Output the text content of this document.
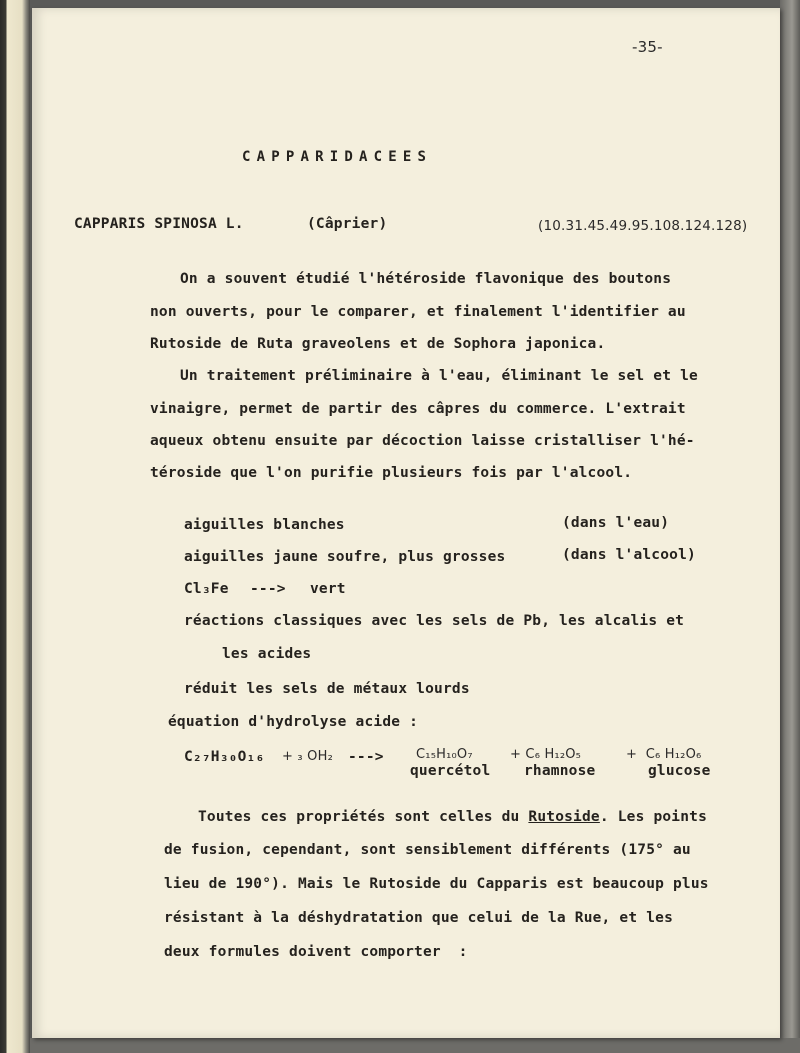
-35-
CAPPARIDACEES
CAPPARIS SPINOSA L.	(Câprier)	(10.31.45.49.95.108.124.128)
On a souvent étudié l'hétéroside flavonique des boutons
non ouverts, pour le comparer, et finalement l'identifier au
Rutoside de Ruta graveolens et de Sophora japonica.
Un traitement préliminaire à l'eau, éliminant le sel et le
vinaigre, permet de partir des câpres du commerce. L'extrait
aqueux obtenu ensuite par décoction laisse cristalliser l'hé-
téroside que l'on purifie plusieurs fois par l'alcool.
aiguilles blanches	(dans l'eau)
aiguilles jaune soufre, plus grosses	(dans l'alcool)
Cl₃Fe ---> vert
réactions classiques avec les sels de Pb, les alcalis et
les acides
réduit les sels de métaux lourds
équation d'hydrolyse acide :
C₂₇H₃₀O₁₆ + ₃ OH₂ ---> C₁₅H₁₀O₇
quercétol
+ C₆ H₁₂O₅
rhamnose
+  C₆ H₁₂O₆
glucose
Toutes ces propriétés sont celles du Rutoside. Les points
de fusion, cependant, sont sensiblement différents (175° au
lieu de 190°). Mais le Rutoside du Capparis est beaucoup plus
résistant à la déshydratation que celui de la Rue, et les
deux formules doivent comporter  :
